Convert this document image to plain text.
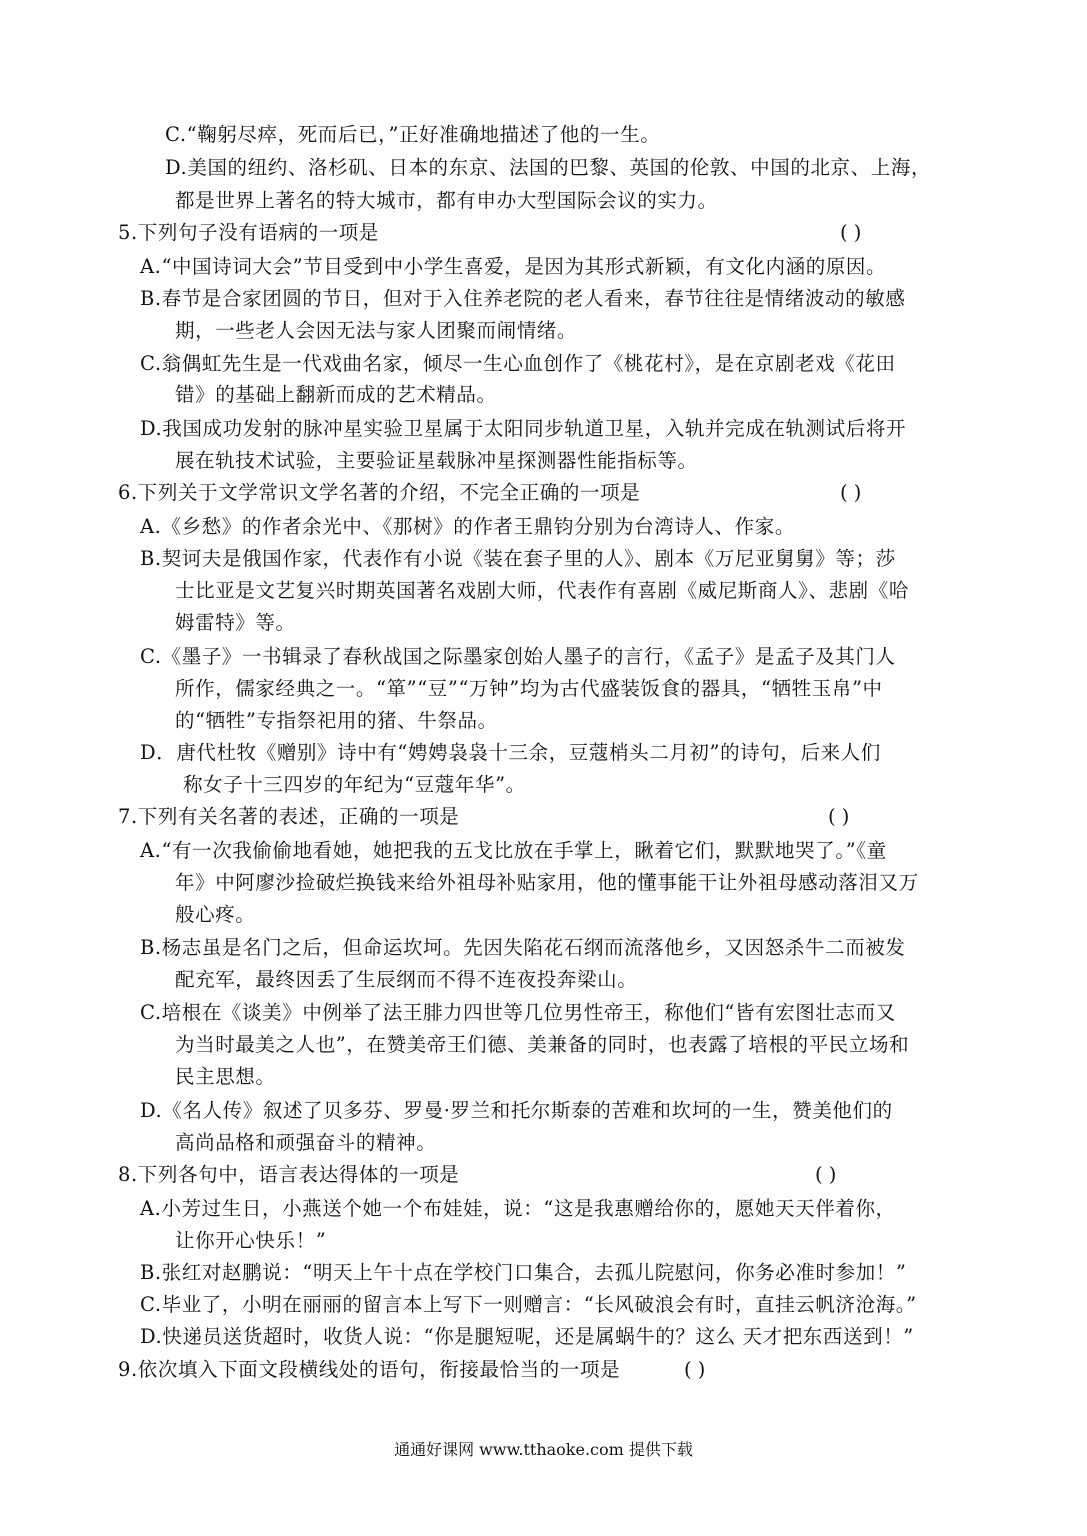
C.“鞠躬尽瘁，死而后已，”正好准确地描述了他的一生。
D.美国的纽约、洛杉矶、日本的东京、法国的巴黎、英国的伦敦、中国的北京、上海，
都是世界上著名的特大城市，都有申办大型国际会议的实力。
5.下列句子没有语病的一项是	( )
A.“中国诗词大会”节目受到中小学生喜爱，是因为其形式新颖，有文化内涵的原因。
B.春节是合家团圆的节日，但对于入住养老院的老人看来，春节往往是情绪波动的敏感
期，一些老人会因无法与家人团聚而闹情绪。
C.翁偶虹先生是一代戏曲名家，倾尽一生心血创作了《桃花村》，是在京剧老戏《花田
错》的基础上翻新而成的艺术精品。
D.我国成功发射的脉冲星实验卫星属于太阳同步轨道卫星，入轨并完成在轨测试后将开
展在轨技术试验，主要验证星载脉冲星探测器性能指标等。
6.下列关于文学常识文学名著的介绍，不完全正确的一项是	( )
A.《乡愁》的作者余光中、《那树》的作者王鼎钧分别为台湾诗人、作家。
B.契诃夫是俄国作家，代表作有小说《装在套子里的人》、剧本《万尼亚舅舅》等；莎
士比亚是文艺复兴时期英国著名戏剧大师，代表作有喜剧《威尼斯商人》、悲剧《哈
姆雷特》等。
C.《墨子》一书辑录了春秋战国之际墨家创始人墨子的言行，《孟子》是孟子及其门人
所作，儒家经典之一。“箪”“豆”“万钟”均为古代盛装饭食的器具，“牺牲玉帛”中
的“牺牲”专指祭祀用的猪、牛祭品。
D．唐代杜牧《赠别》诗中有“娉娉袅袅十三余，豆蔻梢头二月初”的诗句，后来人们
称女子十三四岁的年纪为“豆蔻年华”。
7.下列有关名著的表述，正确的一项是	( )
A.“有一次我偷偷地看她，她把我的五戈比放在手掌上，瞅着它们，默默地哭了。”《童
年》中阿廖沙捡破烂换钱来给外祖母补贴家用，他的懂事能干让外祖母感动落泪又万
般心疼。
B.杨志虽是名门之后，但命运坎坷。先因失陷花石纲而流落他乡，又因怒杀牛二而被发
配充军，最终因丢了生辰纲而不得不连夜投奔梁山。
C.培根在《谈美》中例举了法王腓力四世等几位男性帝王，称他们“皆有宏图壮志而又
为当时最美之人也”，在赞美帝王们德、美兼备的同时，也表露了培根的平民立场和
民主思想。
D.《名人传》叙述了贝多芬、罗曼·罗兰和托尔斯泰的苦难和坎坷的一生，赞美他们的
高尚品格和顽强奋斗的精神。
8.下列各句中，语言表达得体的一项是	( )
A.小芳过生日，小燕送个她一个布娃娃，说：“这是我惠赠给你的，愿她天天伴着你，
让你开心快乐！”
B.张红对赵鹏说：“明天上午十点在学校门口集合，去孤儿院慰问，你务必准时参加！”
C.毕业了，小明在丽丽的留言本上写下一则赠言：“长风破浪会有时，直挂云帆济沧海。”
D.快递员送货超时，收货人说：“你是腿短呢，还是属蜗牛的？这么 天才把东西送到！”
9.依次填入下面文段横线处的语句，衔接最恰当的一项是	( )
通通好课网 www.tthaoke.com 提供下载
